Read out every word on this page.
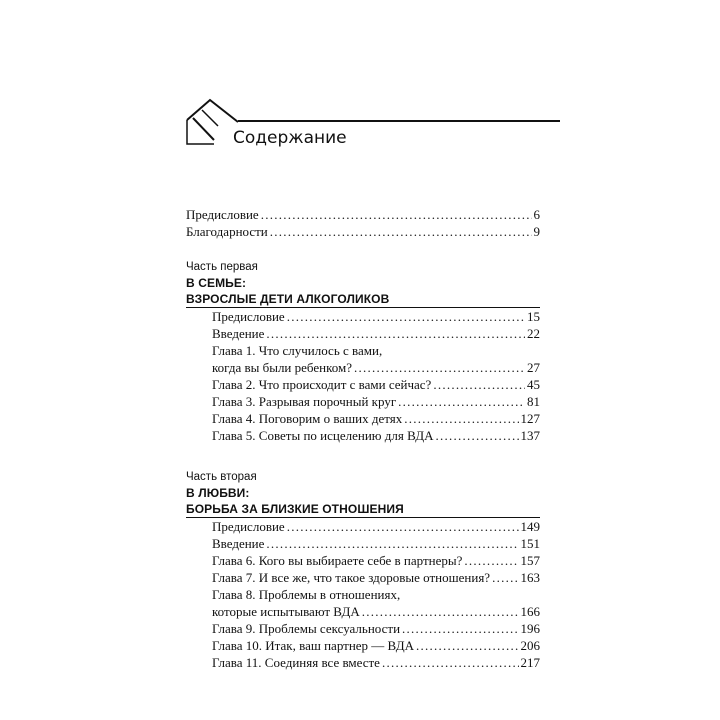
Содержание
Предисловие . . .	6
Благодарности . . .	9
Часть первая
В СЕМЬЕ:
ВЗРОСЛЫЕ ДЕТИ АЛКОГОЛИКОВ
Предисловие . . .	15
Введение . . .	22
Глава 1. Что случилось с вами,
когда вы были ребенком? . . .	27
Глава 2. Что происходит с вами сейчас? . . .	45
Глава 3. Разрывая порочный круг . . .	81
Глава 4. Поговорим о ваших детях . . .	127
Глава 5. Советы по исцелению для ВДА . . .	137
Часть вторая
В ЛЮБВИ:
БОРЬБА ЗА БЛИЗКИЕ ОТНОШЕНИЯ
Предисловие . . .	149
Введение . . .	151
Глава 6. Кого вы выбираете себе в партнеры? . . .	157
Глава 7. И все же, что такое здоровые отношения? . . . 163
Глава 8. Проблемы в отношениях,
которые испытывают ВДА . . .	166
Глава 9. Проблемы сексуальности . . .	196
Глава 10. Итак, ваш партнер — ВДА . . .	206
Глава 11. Соединяя все вместе . . .	217
